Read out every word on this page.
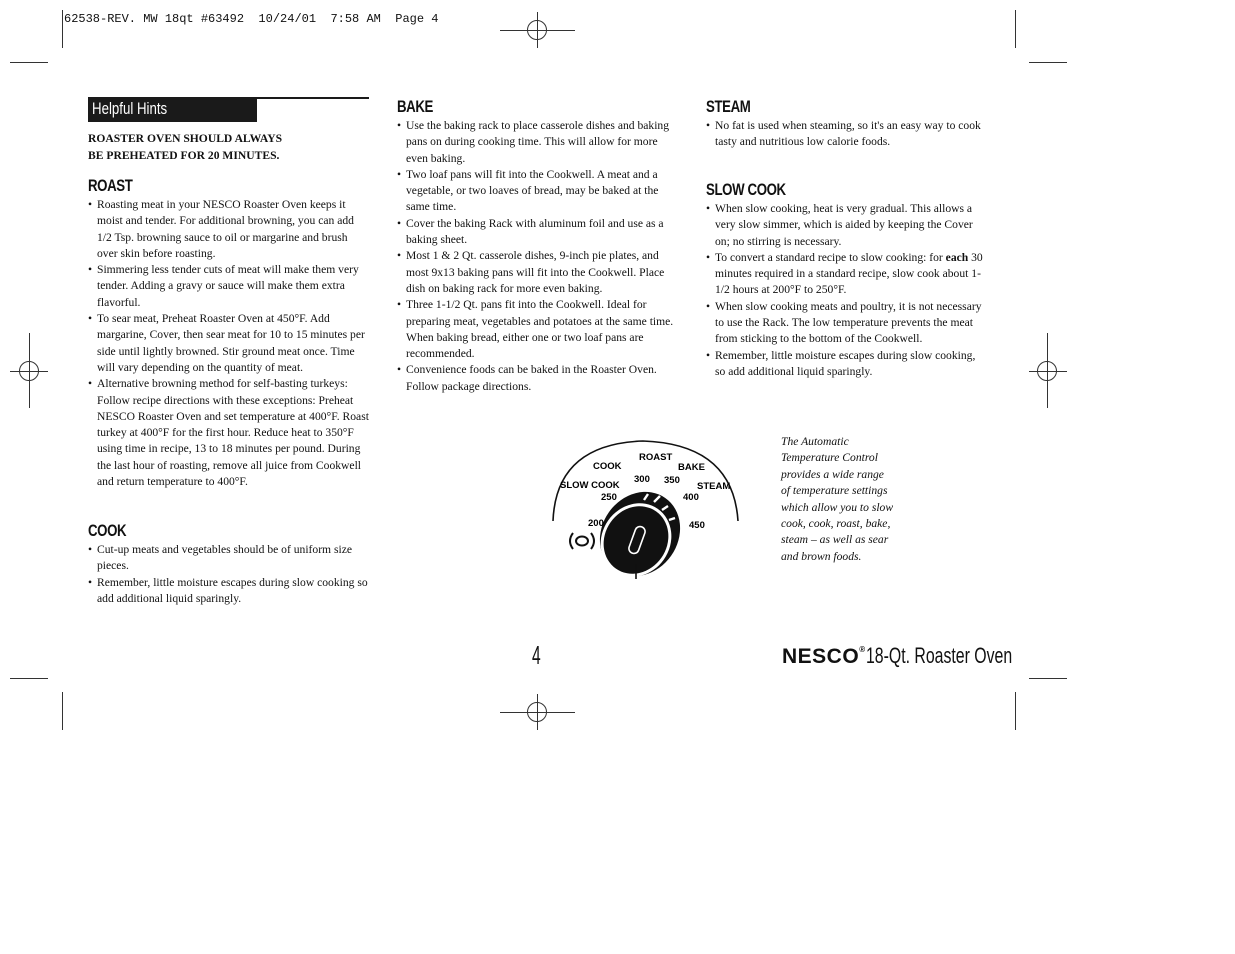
62538-REV. MW 18qt #63492  10/24/01  7:58 AM  Page 4
Helpful Hints
ROASTER OVEN SHOULD ALWAYS
BE PREHEATED FOR 20 MINUTES.
ROAST
• Roasting meat in your NESCO Roaster Oven keeps it moist and tender. For additional browning, you can add 1/2 Tsp. browning sauce to oil or margarine and brush over skin before roasting.
• Simmering less tender cuts of meat will make them very tender. Adding a gravy or sauce will make them extra flavorful.
• To sear meat, Preheat Roaster Oven at 450°F. Add margarine, Cover, then sear meat for 10 to 15 minutes per side until lightly browned. Stir ground meat once. Time will vary depending on the quantity of meat.
• Alternative browning method for self-basting turkeys: Follow recipe directions with these exceptions: Preheat NESCO Roaster Oven and set temperature at 400°F. Roast turkey at 400°F for the first hour. Reduce heat to 350°F using time in recipe, 13 to 18 minutes per pound. During the last hour of roasting, remove all juice from Cookwell and return temperature to 400°F.
COOK
• Cut-up meats and vegetables should be of uniform size pieces.
• Remember, little moisture escapes during slow cooking so add additional liquid sparingly.
BAKE
• Use the baking rack to place casserole dishes and baking pans on during cooking time. This will allow for more even baking.
• Two loaf pans will fit into the Cookwell. A meat and a vegetable, or two loaves of bread, may be baked at the same time.
• Cover the baking Rack with aluminum foil and use as a baking sheet.
• Most 1 & 2 Qt. casserole dishes, 9-inch pie plates, and most 9x13 baking pans will fit into the Cookwell. Place dish on baking rack for more even baking.
• Three 1-1/2 Qt. pans fit into the Cookwell. Ideal for preparing meat, vegetables and potatoes at the same time. When baking bread, either one or two loaf pans are recommended.
• Convenience foods can be baked in the Roaster Oven. Follow package directions.
STEAM
• No fat is used when steaming, so it's an easy way to cook tasty and nutritious low calorie foods.
SLOW COOK
• When slow cooking, heat is very gradual. This allows a very slow simmer, which is aided by keeping the Cover on; no stirring is necessary.
• To convert a standard recipe to slow cooking: for each 30 minutes required in a standard recipe, slow cook about 1-1/2 hours at 200°F to 250°F.
• When slow cooking meats and poultry, it is not necessary to use the Rack. The low temperature prevents the meat from sticking to the bottom of the Cookwell.
• Remember, little moisture escapes during slow cooking, so add additional liquid sparingly.
COOK
ROAST
BAKE
SLOW COOK	STEAM
250
300 350
400
200	450
The Automatic
Temperature Control
provides a wide range
of temperature settings
which allow you to slow
cook, cook, roast, bake,
steam – as well as sear
and brown foods.
4	NESCO® 18-Qt. Roaster Oven
